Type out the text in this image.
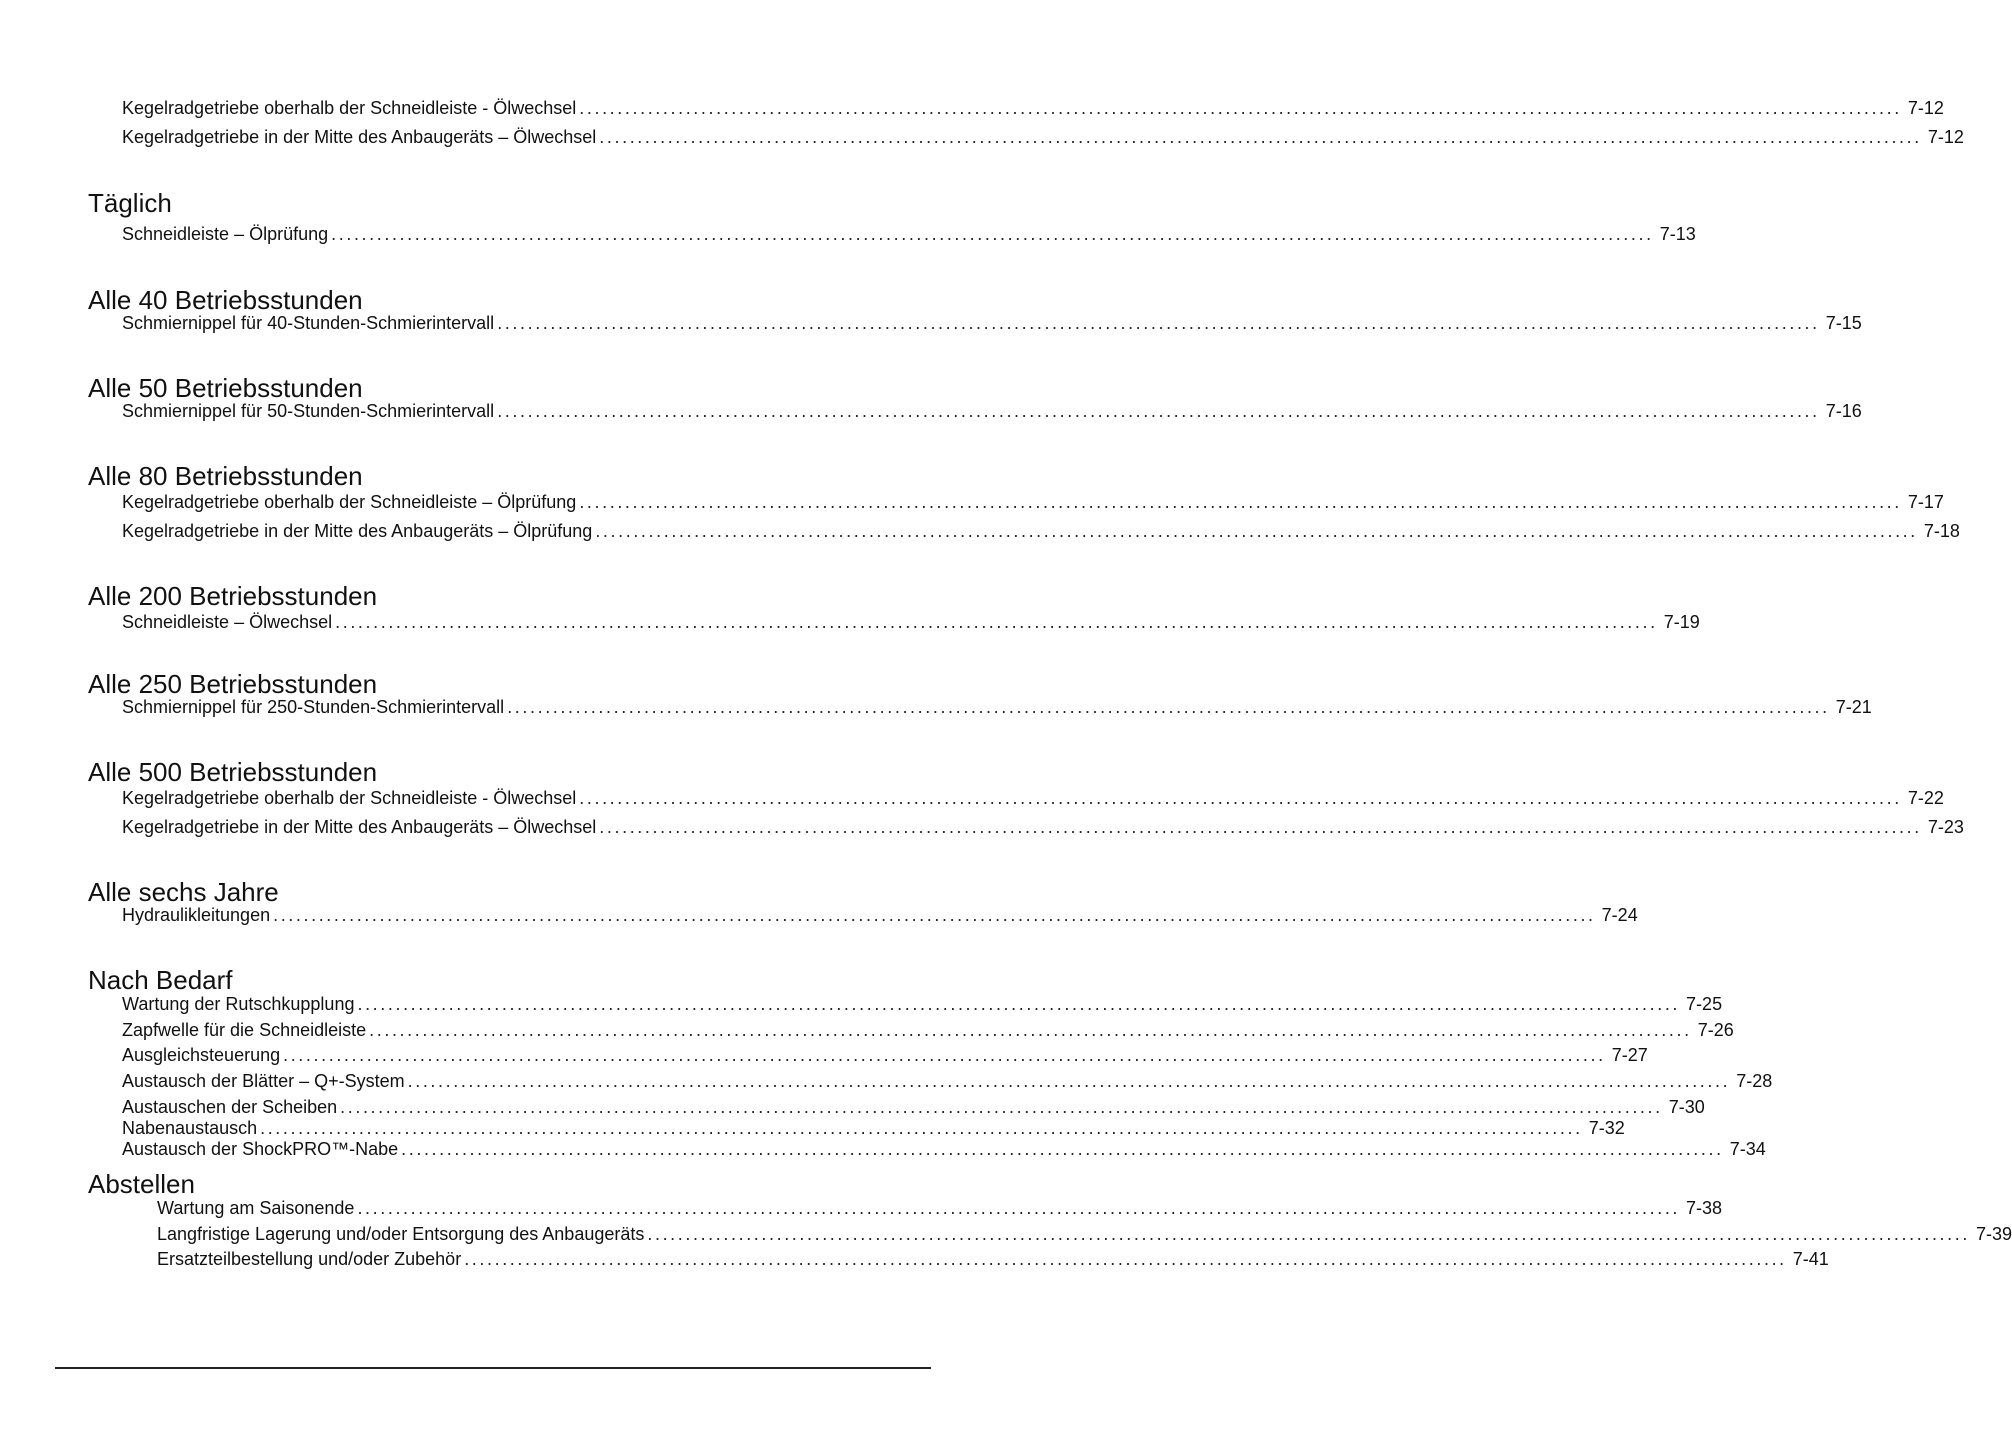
Kegelradgetriebe oberhalb der Schneidleiste - Ölwechsel .............................................................................................................................................................................. 7-12
Kegelradgetriebe in der Mitte des Anbaugeräts – Ölwechsel .............................................................................................................................................................................. 7-12
Täglich
Schneidleiste – Ölprüfung .............................................................................................................................................................................. 7-13
Alle 40 Betriebsstunden
Schmiernippel für 40-Stunden-Schmierintervall .............................................................................................................................................................................. 7-15
Alle 50 Betriebsstunden
Schmiernippel für 50-Stunden-Schmierintervall .............................................................................................................................................................................. 7-16
Alle 80 Betriebsstunden
Kegelradgetriebe oberhalb der Schneidleiste – Ölprüfung .............................................................................................................................................................................. 7-17
Kegelradgetriebe in der Mitte des Anbaugeräts – Ölprüfung .............................................................................................................................................................................. 7-18
Alle 200 Betriebsstunden
Schneidleiste – Ölwechsel .............................................................................................................................................................................. 7-19
Alle 250 Betriebsstunden
Schmiernippel für 250-Stunden-Schmierintervall .............................................................................................................................................................................. 7-21
Alle 500 Betriebsstunden
Kegelradgetriebe oberhalb der Schneidleiste - Ölwechsel .............................................................................................................................................................................. 7-22
Kegelradgetriebe in der Mitte des Anbaugeräts – Ölwechsel .............................................................................................................................................................................. 7-23
Alle sechs Jahre
Hydraulikleitungen .............................................................................................................................................................................. 7-24
Nach Bedarf
Wartung der Rutschkupplung .............................................................................................................................................................................. 7-25
Zapfwelle für die Schneidleiste .............................................................................................................................................................................. 7-26
Ausgleichsteuerung .............................................................................................................................................................................. 7-27
Austausch der Blätter – Q+-System .............................................................................................................................................................................. 7-28
Austauschen der Scheiben .............................................................................................................................................................................. 7-30
Nabenaustausch .............................................................................................................................................................................. 7-32
Austausch der ShockPRO™-Nabe .............................................................................................................................................................................. 7-34
Abstellen
Wartung am Saisonende .............................................................................................................................................................................. 7-38
Langfristige Lagerung und/oder Entsorgung des Anbaugeräts .............................................................................................................................................................................. 7-39
Ersatzteilbestellung und/oder Zubehör .............................................................................................................................................................................. 7-41
